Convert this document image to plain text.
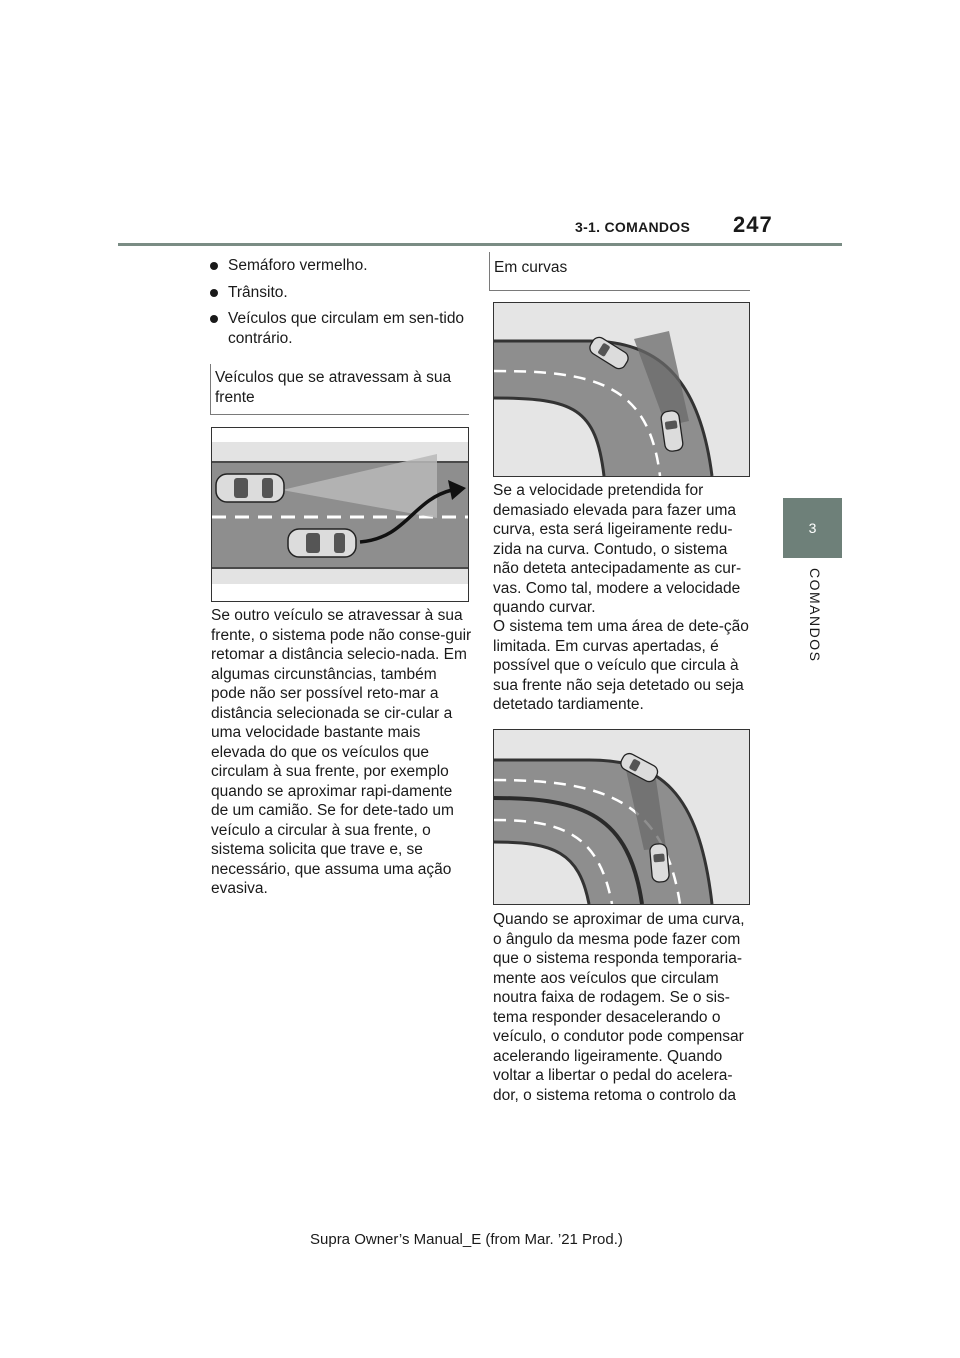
3-1. COMANDOS 247
3
COMANDOS
Semáforo vermelho.
Trânsito.
Veículos que circulam em sen-tido contrário.
Veículos que se atravessam à sua frente
Se outro veículo se atravessar à sua frente, o sistema pode não conse-guir retomar a distância selecio-nada. Em algumas circunstâncias, também pode não ser possível reto-mar a distância selecionada se cir-cular a uma velocidade bastante mais elevada do que os veículos que circulam à sua frente, por exemplo quando se aproximar rapi-damente de um camião. Se for dete-tado um veículo a circular à sua frente, o sistema solicita que trave e, se necessário, que assuma uma ação evasiva.
Em curvas
Se a velocidade pretendida for demasiado elevada para fazer uma curva, esta será ligeiramente redu-zida na curva. Contudo, o sistema não deteta antecipadamente as cur-vas. Como tal, modere a velocidade quando curvar.
O sistema tem uma área de dete-ção limitada. Em curvas apertadas, é possível que o veículo que circula à sua frente não seja detetado ou seja detetado tardiamente.
Quando se aproximar de uma curva, o ângulo da mesma pode fazer com que o sistema responda temporaria-mente aos veículos que circulam noutra faixa de rodagem. Se o sis-tema responder desacelerando o veículo, o condutor pode compensar acelerando ligeiramente. Quando voltar a libertar o pedal do acelera-dor, o sistema retoma o controlo da
Supra Owner’s Manual_E (from Mar. ’21 Prod.)
